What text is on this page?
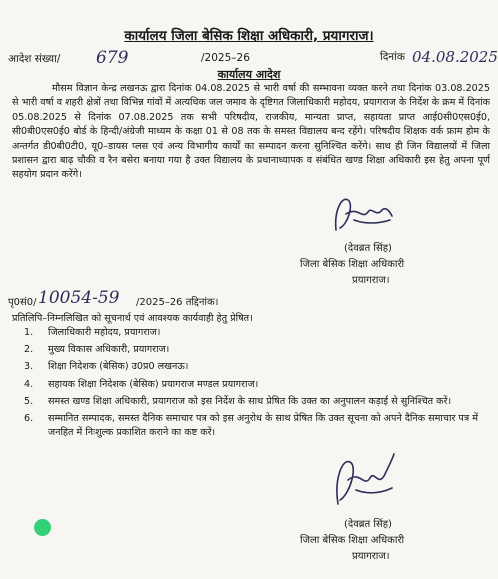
कार्यालय जिला बेसिक शिक्षा अधिकारी, प्रयागराज।
आदेश संख्या/ 679	/2025–26	दिनांक 04.08.2025
कार्यालय आदेश
मौसम विज्ञान केन्द्र लखनऊ द्वारा दिनांक 04.08.2025 से भारी वर्षा की सम्भावना व्यक्त करने तथा दिनांक 03.08.2025 से भारी वर्षा व शहरी क्षेत्रों तथा विभिन्न गांवों में अत्यधिक जल जमाव के दृष्टिगत जिलाधिकारी महोदय, प्रयागराज के निर्देश के क्रम में दिनांक 05.08.2025 से दिनांक 07.08.2025 तक सभी परिषदीय, राजकीय, मान्यता प्राप्त, सहायता प्राप्त आई0सी0एस0ई0, सी0बी0एस0ई0 बोर्ड के हिन्दी/अंग्रेजी माध्यम के कक्षा 01 से 08 तक के समस्त विद्यालय बन्द रहेंगे। परिषदीय शिक्षक वर्क फ्राम होम के अन्तर्गत डी0बी0टी0, यू0–डायस प्लस एवं अन्य विभागीय कार्यों का सम्पादन करना सुनिश्चित करेंगे। साथ ही जिन विद्यालयों में जिला प्रशासन द्वारा बाढ़ चौकी व रैन बसेरा बनाया गया है उक्त विद्यालय के प्रधानाध्यापक व संबंधित खण्ड शिक्षा अधिकारी इस हेतु अपना पूर्ण सहयोग प्रदान करेंगे।
(देवब्रत सिंह)
जिला बेसिक शिक्षा अधिकारी
प्रयागराज।
पृ0सं0/ 10054-59 /2025–26 तद्दिनांक।
प्रतिलिपि–निम्नलिखित को सूचनार्थ एवं आवश्यक कार्यवाही हेतु प्रेषित।
1. जिलाधिकारी महोदय, प्रयागराज।
2. मुख्य विकास अधिकारी, प्रयागराज।
3. शिक्षा निदेशक (बेसिक) उ0प्र0 लखनऊ।
4. सहायक शिक्षा निदेशक (बेसिक) प्रयागराज मण्डल प्रयागराज।
5. समस्त खण्ड शिक्षा अधिकारी, प्रयागराज को इस निर्देश के साथ प्रेषित कि उक्त का अनुपालन कड़ाई से सुनिश्चित करें।
6. सम्मानित सम्पादक, समस्त दैनिक समाचार पत्र को इस अनुरोध के साथ प्रेषित कि उक्त सूचना को अपने दैनिक समाचार पत्र में जनहित में निःशुल्क प्रकाशित कराने का कष्ट करें।
(देवब्रत सिंह)
जिला बेसिक शिक्षा अधिकारी
प्रयागराज।
